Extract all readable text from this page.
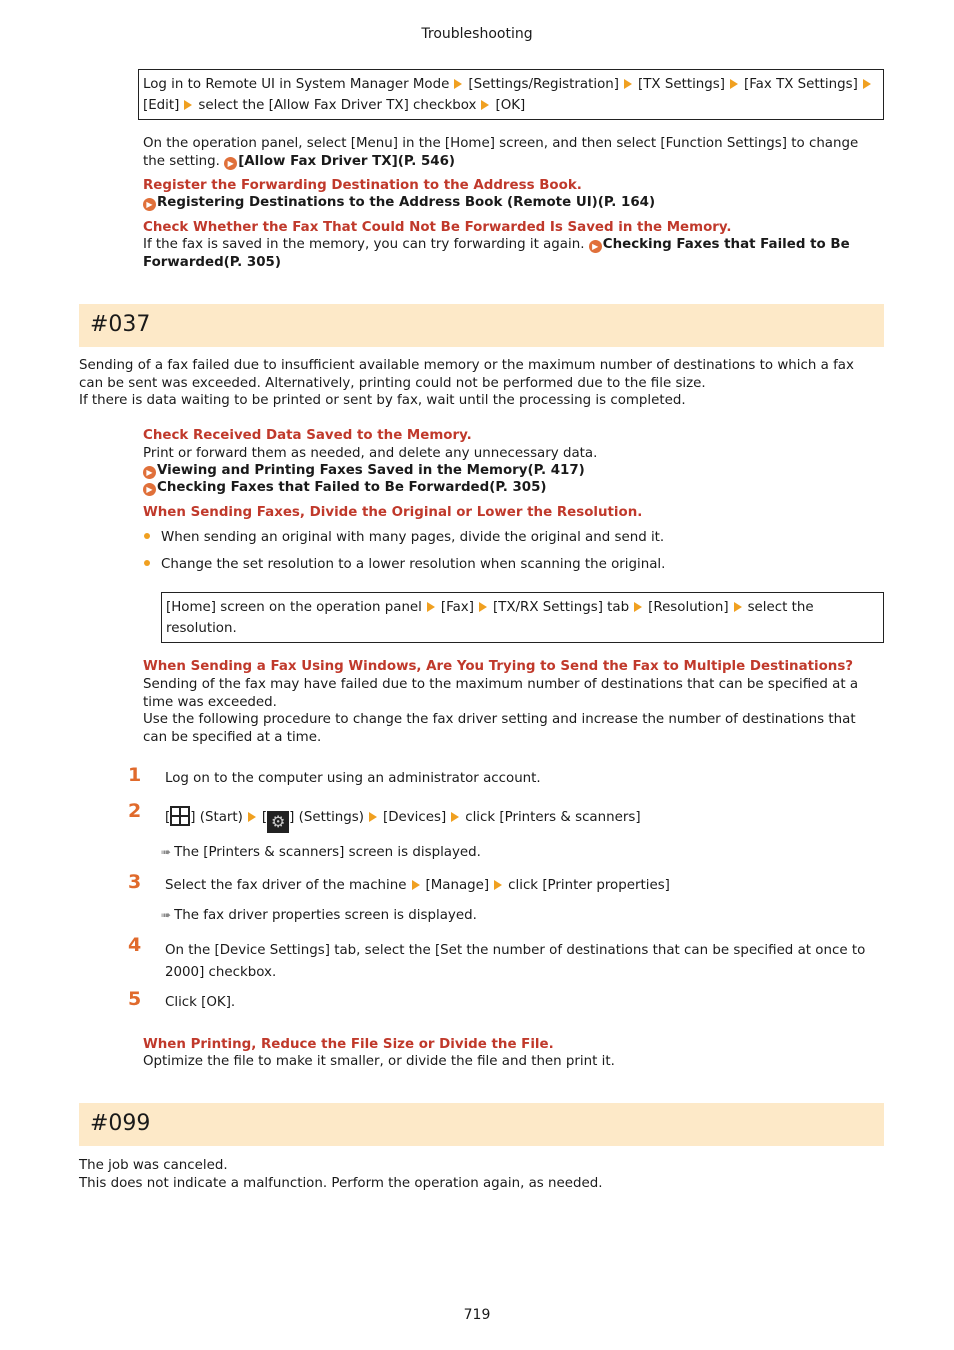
Troubleshooting
Log in to Remote UI in System Manager Mode [Settings/Registration] [TX Settings] [Fax TX Settings]
[Edit] select the [Allow Fax Driver TX] checkbox [OK]
On the operation panel, select [Menu] in the [Home] screen, and then select [Function Settings] to change the setting. ▶ [Allow Fax Driver TX](P. 546)
Register the Forwarding Destination to the Address Book.
▶ Registering Destinations to the Address Book (Remote UI)(P. 164)
Check Whether the Fax That Could Not Be Forwarded Is Saved in the Memory.
If the fax is saved in the memory, you can try forwarding it again. ▶ Checking Faxes that Failed to Be
Forwarded(P. 305)
#037
Sending of a fax failed due to insufficient available memory or the maximum number of destinations to which a fax
can be sent was exceeded. Alternatively, printing could not be performed due to the file size.
If there is data waiting to be printed or sent by fax, wait until the processing is completed.
Check Received Data Saved to the Memory.
Print or forward them as needed, and delete any unnecessary data.
▶ Viewing and Printing Faxes Saved in the Memory(P. 417)
▶ Checking Faxes that Failed to Be Forwarded(P. 305)
When Sending Faxes, Divide the Original or Lower the Resolution.
When sending an original with many pages, divide the original and send it.
Change the set resolution to a lower resolution when scanning the original.
[Home] screen on the operation panel [Fax] [TX/RX Settings] tab [Resolution] select the
resolution.
When Sending a Fax Using Windows, Are You Trying to Send the Fax to Multiple Destinations?
Sending of the fax may have failed due to the maximum number of destinations that can be specified at a
time was exceeded.
Use the following procedure to change the fax driver setting and increase the number of destinations that
can be specified at a time.
1	Log on to the computer using an administrator account.
2	[ ] (Start) [ ⚙ ] (Settings) [Devices] click [Printers & scanners]
➠ The [Printers & scanners] screen is displayed.
3	Select the fax driver of the machine [Manage] click [Printer properties]
➠ The fax driver properties screen is displayed.
4	On the [Device Settings] tab, select the [Set the number of destinations that can be specified at once to
2000] checkbox.
5	Click [OK].
When Printing, Reduce the File Size or Divide the File.
Optimize the file to make it smaller, or divide the file and then print it.
#099
The job was canceled.
This does not indicate a malfunction. Perform the operation again, as needed.
719
